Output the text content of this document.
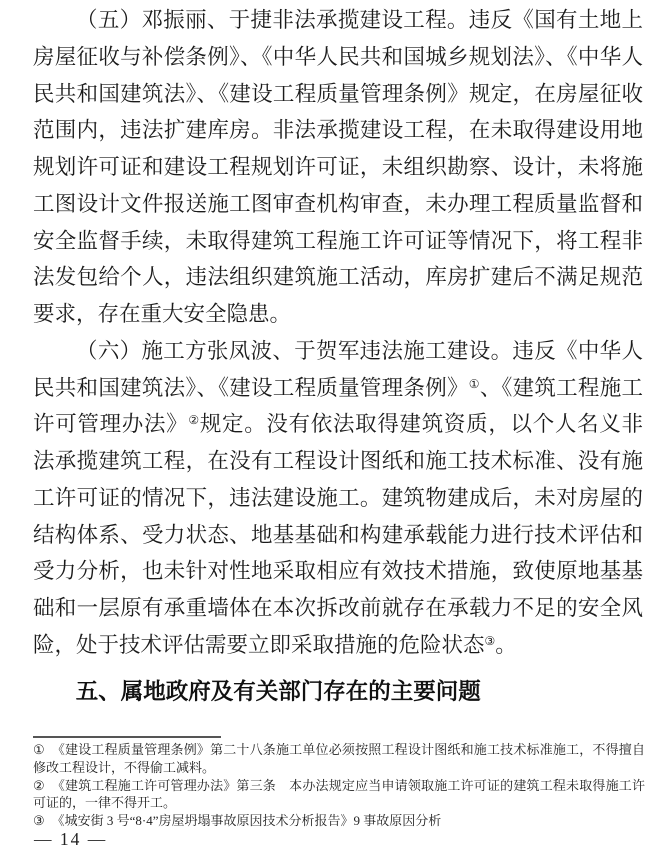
（五）邓振丽、于捷非法承揽建设工程。违反《国有土地上房屋征收与补偿条例》、《中华人民共和国城乡规划法》、《中华人民共和国建筑法》、《建设工程质量管理条例》规定，在房屋征收范围内，违法扩建库房。非法承揽建设工程，在未取得建设用地规划许可证和建设工程规划许可证，未组织勘察、设计，未将施工图设计文件报送施工图审查机构审查，未办理工程质量监督和安全监督手续，未取得建筑工程施工许可证等情况下，将工程非法发包给个人，违法组织建筑施工活动，库房扩建后不满足规范要求，存在重大安全隐患。

（六）施工方张凤波、于贺军违法施工建设。违反《中华人民共和国建筑法》、《建设工程质量管理条例》①、《建筑工程施工许可管理办法》②规定。没有依法取得建筑资质，以个人名义非法承揽建筑工程，在没有工程设计图纸和施工技术标准、没有施工许可证的情况下，违法建设施工。建筑物建成后，未对房屋的结构体系、受力状态、地基基础和构建承载能力进行技术评估和受力分析，也未针对性地采取相应有效技术措施，致使原地基基础和一层原有承重墙体在本次拆改前就存在承载力不足的安全风险，处于技术评估需要立即采取措施的危险状态③。

五、属地政府及有关部门存在的主要问题
① 《建设工程质量管理条例》第二十八条施工单位必须按照工程设计图纸和施工技术标准施工，不得擅自修改工程设计，不得偷工减料。
② 《建筑工程施工许可管理办法》第三条　本办法规定应当申请领取施工许可证的建筑工程未取得施工许可证的，一律不得开工。
③ 《城安街 3 号“8·4”房屋坍塌事故原因技术分析报告》9 事故原因分析
— 14 —
